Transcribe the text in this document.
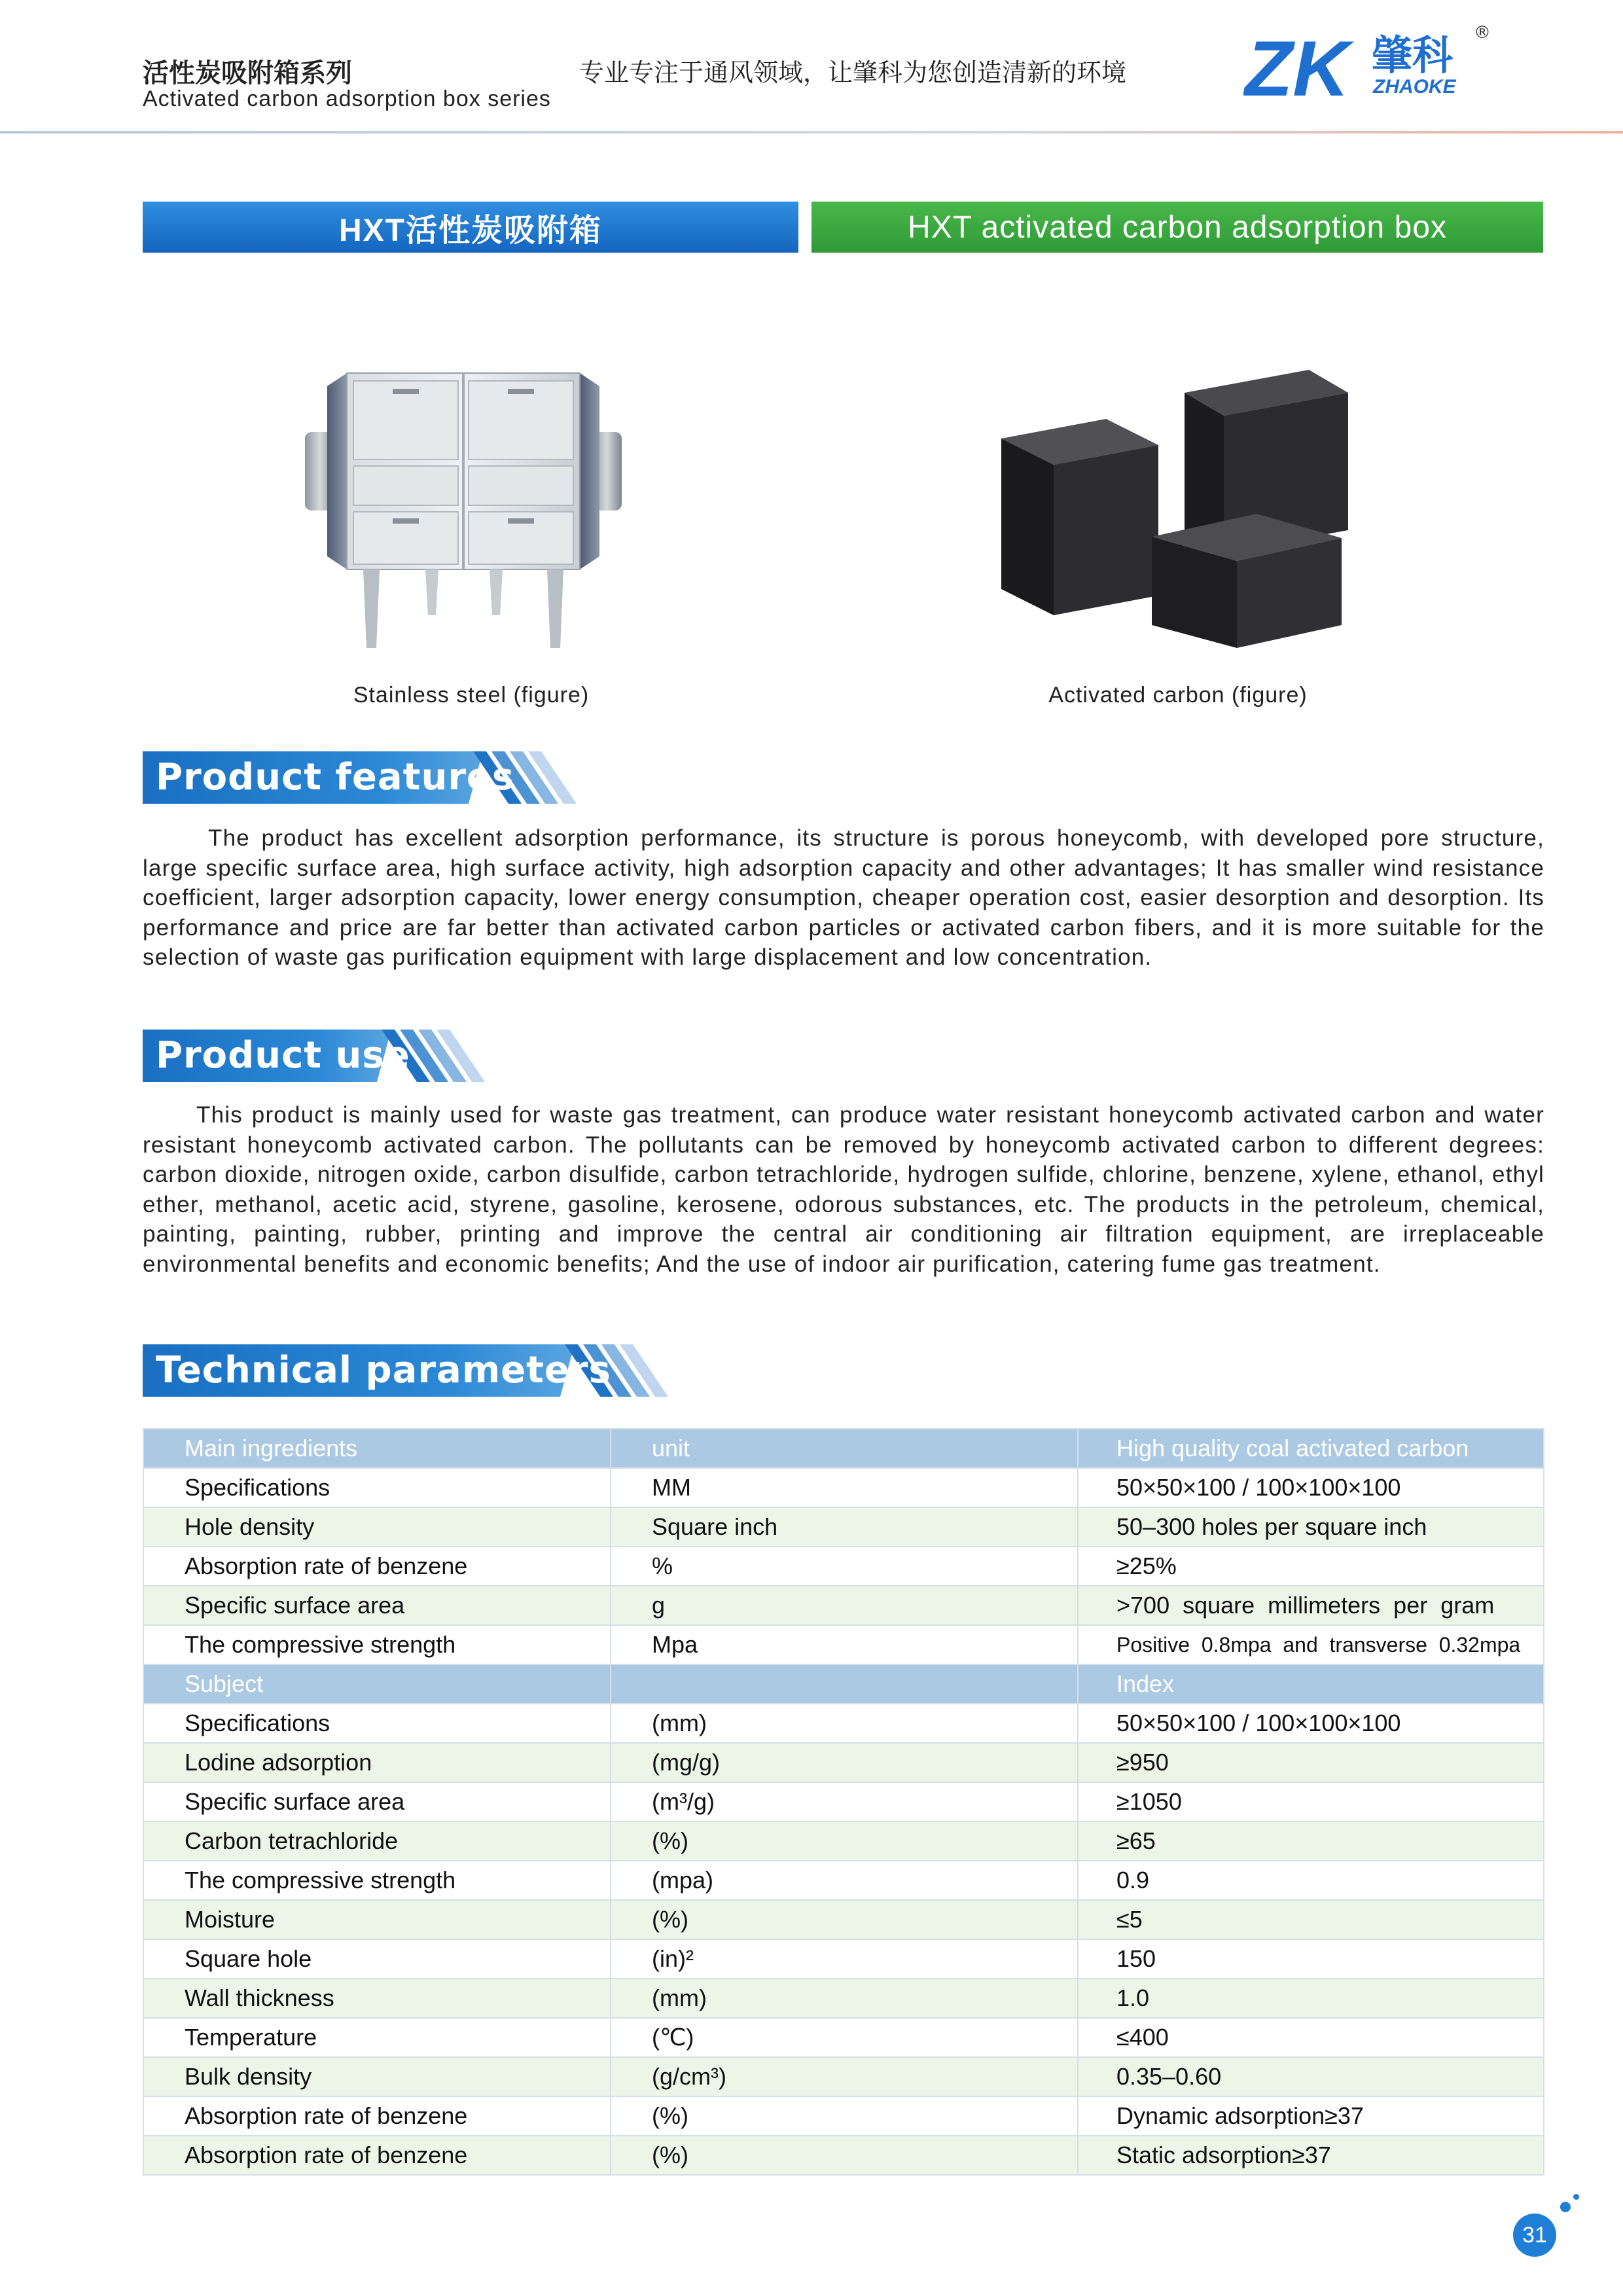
活性炭吸附箱系列
Activated carbon adsorption box series
专业专注于通风领域，让肇科为您创造清新的环境 ZK 肇科
ZHAOKE
®
HXT活性炭吸附箱	HXT activated carbon adsorption box
Stainless steel (figure)	Activated carbon (figure)
Product features

The product has excellent adsorption performance, its structure is porous honeycomb, with developed pore structure, large specific surface area, high surface activity, high adsorption capacity and other advantages; It has smaller wind resistance coefficient, larger adsorption capacity, lower energy consumption, cheaper operation cost, easier desorption and desorption. Its performance and price are far better than activated carbon particles or activated carbon fibers, and it is more suitable for the selection of waste gas purification equipment with large displacement and low concentration.

Product use

This product is mainly used for waste gas treatment, can produce water resistant honeycomb activated carbon and water resistant honeycomb activated carbon. The pollutants can be removed by honeycomb activated carbon to different degrees: carbon dioxide, nitrogen oxide, carbon disulfide, carbon tetrachloride, hydrogen sulfide, chlorine, benzene, xylene, ethanol, ethyl ether, methanol, acetic acid, styrene, gasoline, kerosene, odorous substances, etc. The products in the petroleum, chemical, painting, painting, rubber, printing and improve the central air conditioning air filtration equipment, are irreplaceable environmental benefits and economic benefits; And the use of indoor air purification, catering fume gas treatment.

Technical parameters
Main ingredients	unit	High quality coal activated carbon
Specifications	MM	50×50×100 / 100×100×100
Hole density	Square inch	50–300 holes per square inch
Absorption rate of benzene	%	≥25%
Specific surface area	g	>700  square  millimeters  per  gram
The compressive strength	Mpa	Positive  0.8mpa  and  transverse  0.32mpa
Subject		Index
Specifications	(mm)	50×50×100 / 100×100×100
Lodine adsorption	(mg/g)	≥950
Specific surface area	(m³/g)	≥1050
Carbon tetrachloride	(%)	≥65
The compressive strength	(mpa)	0.9
Moisture	(%)	≤5
Square hole	(in)²	150
Wall thickness	(mm)	1.0
Temperature	(℃)	≤400
Bulk density	(g/cm³)	0.35–0.60
Absorption rate of benzene	(%)	Dynamic adsorption≥37
Absorption rate of benzene	(%)	Static adsorption≥37
31
